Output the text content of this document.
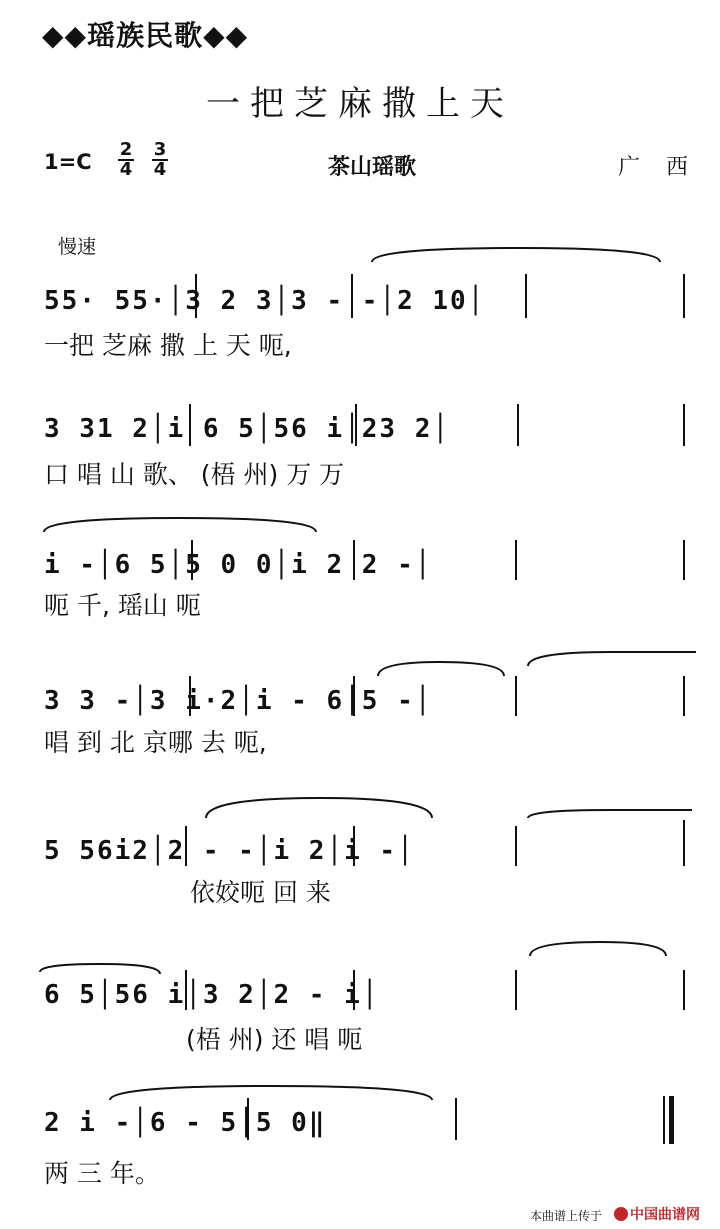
◆◆瑶族民歌◆◆
一把芝麻撒上天
1=C
2
4
3
4	茶山瑶歌	广西
慢速
55· 55·│3 2 3│3 - -│2 10│
一把 芝麻 撒 上 天 呃,
3 31 2│i 6 5│56 i│23 2│
口 唱 山 歌、 (梧 州) 万 万
i -│6 5│5 0 0│i 2 2 -│
呃 千, 瑶山 呃
3 3 -│3 i·2│i - 6│5 -│
唱 到 北 京哪 去 呃,
5 56i2│2 - -│i 2│i -│
依姣呃 回 来
6 5│56 i│3 2│2 - i│
(梧 州) 还 唱 呃
2 i -│6 - 5│5 0‖
两 三 年。
本曲谱上传于	中国曲谱网
